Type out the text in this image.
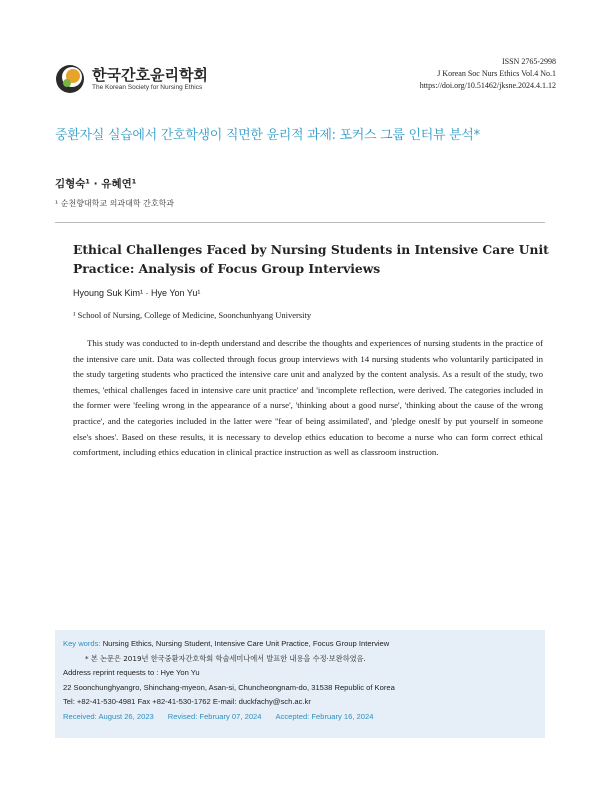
한국간호윤리학회
The Korean Society for Nursing Ethics
ISSN 2765-2998
J Korean Soc Nurs Ethics Vol.4 No.1
https://doi.org/10.51462/jksne.2024.4.1.12
중환자실 실습에서 간호학생이 직면한 윤리적 과제: 포커스 그룹 인터뷰 분석*
김형숙¹ · 유혜연¹
¹ 순천향대학교 의과대학 간호학과
Ethical Challenges Faced by Nursing Students in Intensive Care Unit Practice: Analysis of Focus Group Interviews
Hyoung Suk Kim¹ · Hye Yon Yu¹
¹ School of Nursing, College of Medicine, Soonchunhyang University
This study was conducted to in-depth understand and describe the thoughts and experiences of nursing students in the practice of the intensive care unit. Data was collected through focus group interviews with 14 nursing students who voluntarily participated in the study targeting students who practiced the intensive care unit and analyzed by the content analysis. As a result of the study, two themes, 'ethical challenges faced in intensive care unit practice' and 'incomplete reflection, were derived. The categories included in the former were 'feeling wrong in the appearance of a nurse', 'thinking about a good nurse', 'thinking about the cause of the wrong practice', and the categories included in the latter were ''fear of being assimilated', and 'pledge oneslf by put yourself in someone else's shoes'. Based on these results, it is necessary to develop ethics education to become a nurse who can form correct ethical comfortment, including ethics education in clinical practice instruction as well as classroom instruction.
Key words: Nursing Ethics, Nursing Student, Intensive Care Unit Practice, Focus Group Interview
* 본 논문은 2019년 한국중환자간호학회 학술세미나에서 발표한 내용을 수정·보완하였음.
Address reprint requests to : Hye Yon Yu
22 Soonchunghyangro, Shinchang-myeon, Asan-si, Chuncheongnam-do, 31538 Republic of Korea
Tel: +82-41-530-4981 Fax +82-41-530-1762 E-mail: duckfachy@sch.ac.kr
Received: August 26, 2023 Revised: February 07, 2024 Accepted: February 16, 2024
